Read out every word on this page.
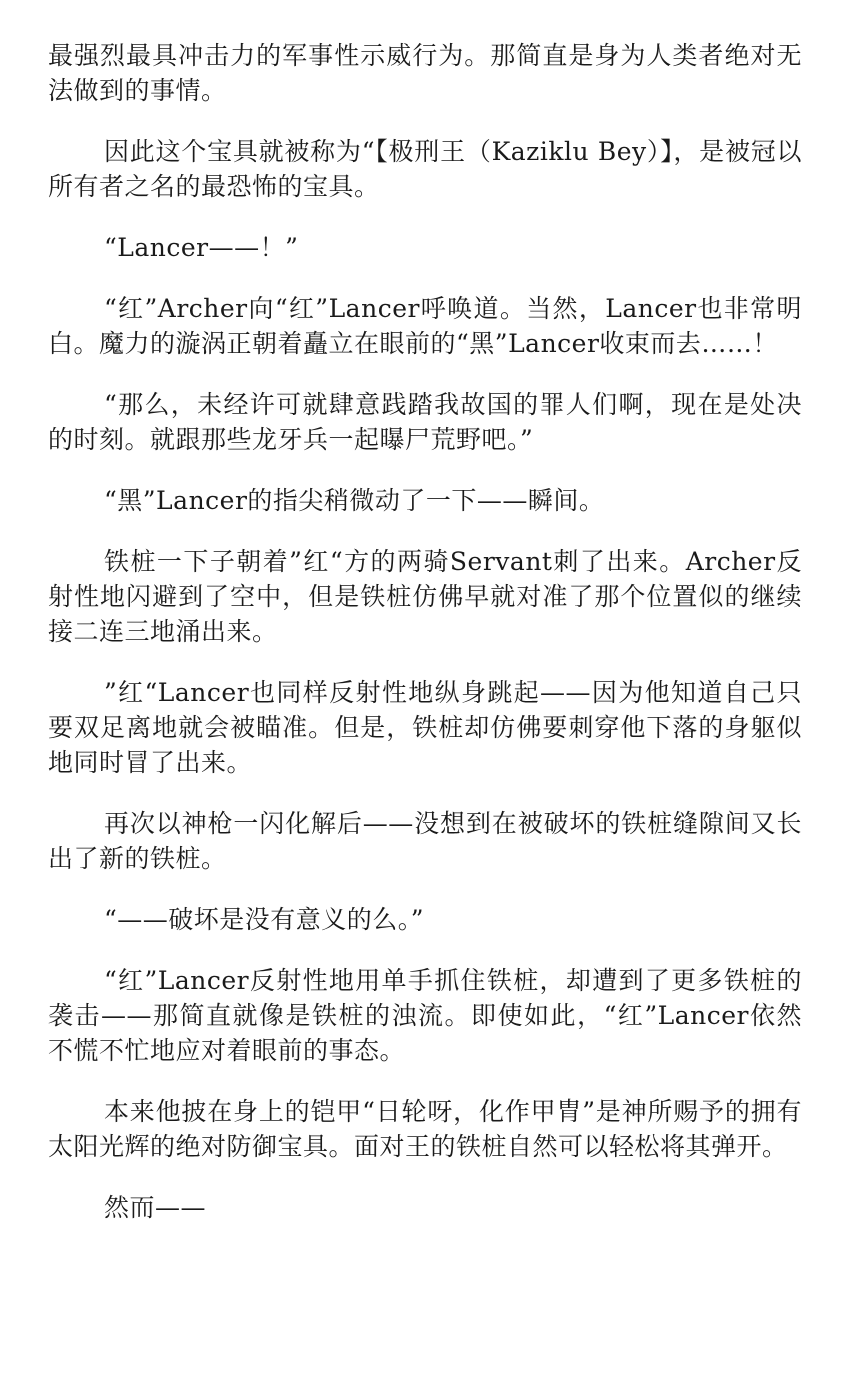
最强烈最具冲击力的军事性示威行为。那简直是身为人类者绝对无法做到的事情。

因此这个宝具就被称为“【极刑王（Kaziklu Bey）】，是被冠以所有者之名的最恐怖的宝具。

“Lancer——！”

“红”Archer向“红”Lancer呼唤道。当然，Lancer也非常明白。魔力的漩涡正朝着矗立在眼前的“黑”Lancer收束而去……！

“那么，未经许可就肆意践踏我故国的罪人们啊，现在是处决的时刻。就跟那些龙牙兵一起曝尸荒野吧。”

“黑”Lancer的指尖稍微动了一下——瞬间。

铁桩一下子朝着”红“方的两骑Servant刺了出来。Archer反射性地闪避到了空中，但是铁桩仿佛早就对准了那个位置似的继续 接二连三地涌出来。

”红“Lancer也同样反射性地纵身跳起——因为他知道自己只要双足离地就会被瞄准。但是，铁桩却仿佛要刺穿他下落的身躯似地同时冒了出来。

再次以神枪一闪化解后——没想到在被破坏的铁桩缝隙间又长出了新的铁桩。

“——破坏是没有意义的么。”

“红”Lancer反射性地用单手抓住铁桩，却遭到了更多铁桩的袭击——那简直就像是铁桩的浊流。即使如此，“红”Lancer依然不慌不忙地应对着眼前的事态。

本来他披在身上的铠甲“日轮呀，化作甲胄”是神所赐予的拥有太阳光辉的绝对防御宝具。面对王的铁桩自然可以轻松将其弹开。

然而——
